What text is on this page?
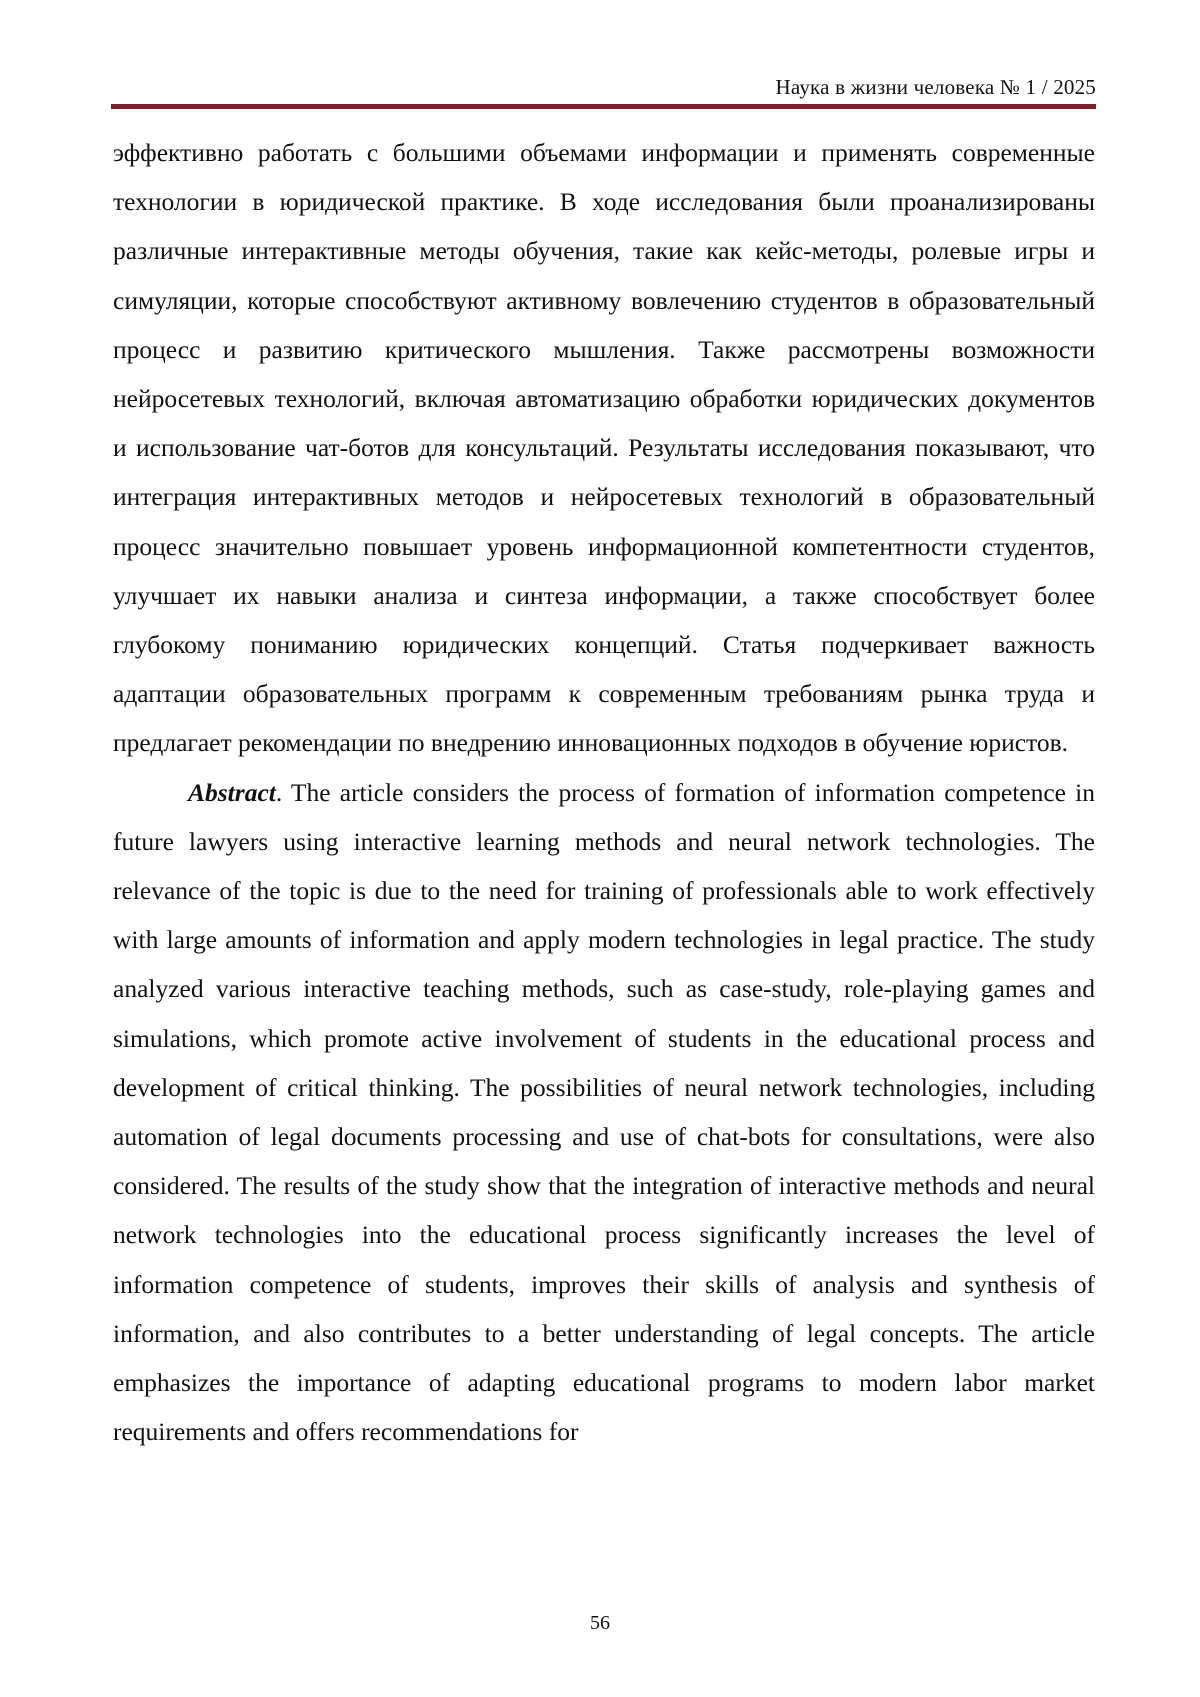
Наука в жизни человека № 1 / 2025

эффективно работать с большими объемами информации и применять современные технологии в юридической практике. В ходе исследования были проанализированы различные интерактивные методы обучения, такие как кейс-методы, ролевые игры и симуляции, которые способствуют активному вовлечению студентов в образовательный процесс и развитию критического мышления. Также рассмотрены возможности нейросетевых технологий, включая автоматизацию обработки юридических документов и использование чат-ботов для консультаций. Результаты исследования показывают, что интеграция интерактивных методов и нейросетевых технологий в образовательный процесс значительно повышает уровень информационной компетентности студентов, улучшает их навыки анализа и синтеза информации, а также способствует более глубокому пониманию юридических концепций. Статья подчеркивает важность адаптации образовательных программ к современным требованиям рынка труда и предлагает рекомендации по внедрению инновационных подходов в обучение юристов.

Abstract. The article considers the process of formation of information competence in future lawyers using interactive learning methods and neural network technologies. The relevance of the topic is due to the need for training of professionals able to work effectively with large amounts of information and apply modern technologies in legal practice. The study analyzed various interactive teaching methods, such as case-study, role-playing games and simulations, which promote active involvement of students in the educational process and development of critical thinking. The possibilities of neural network technologies, including automation of legal documents processing and use of chat-bots for consultations, were also considered. The results of the study show that the integration of interactive methods and neural network technologies into the educational process significantly increases the level of information competence of students, improves their skills of analysis and synthesis of information, and also contributes to a better understanding of legal concepts. The article emphasizes the importance of adapting educational programs to modern labor market requirements and offers recommendations for

56
